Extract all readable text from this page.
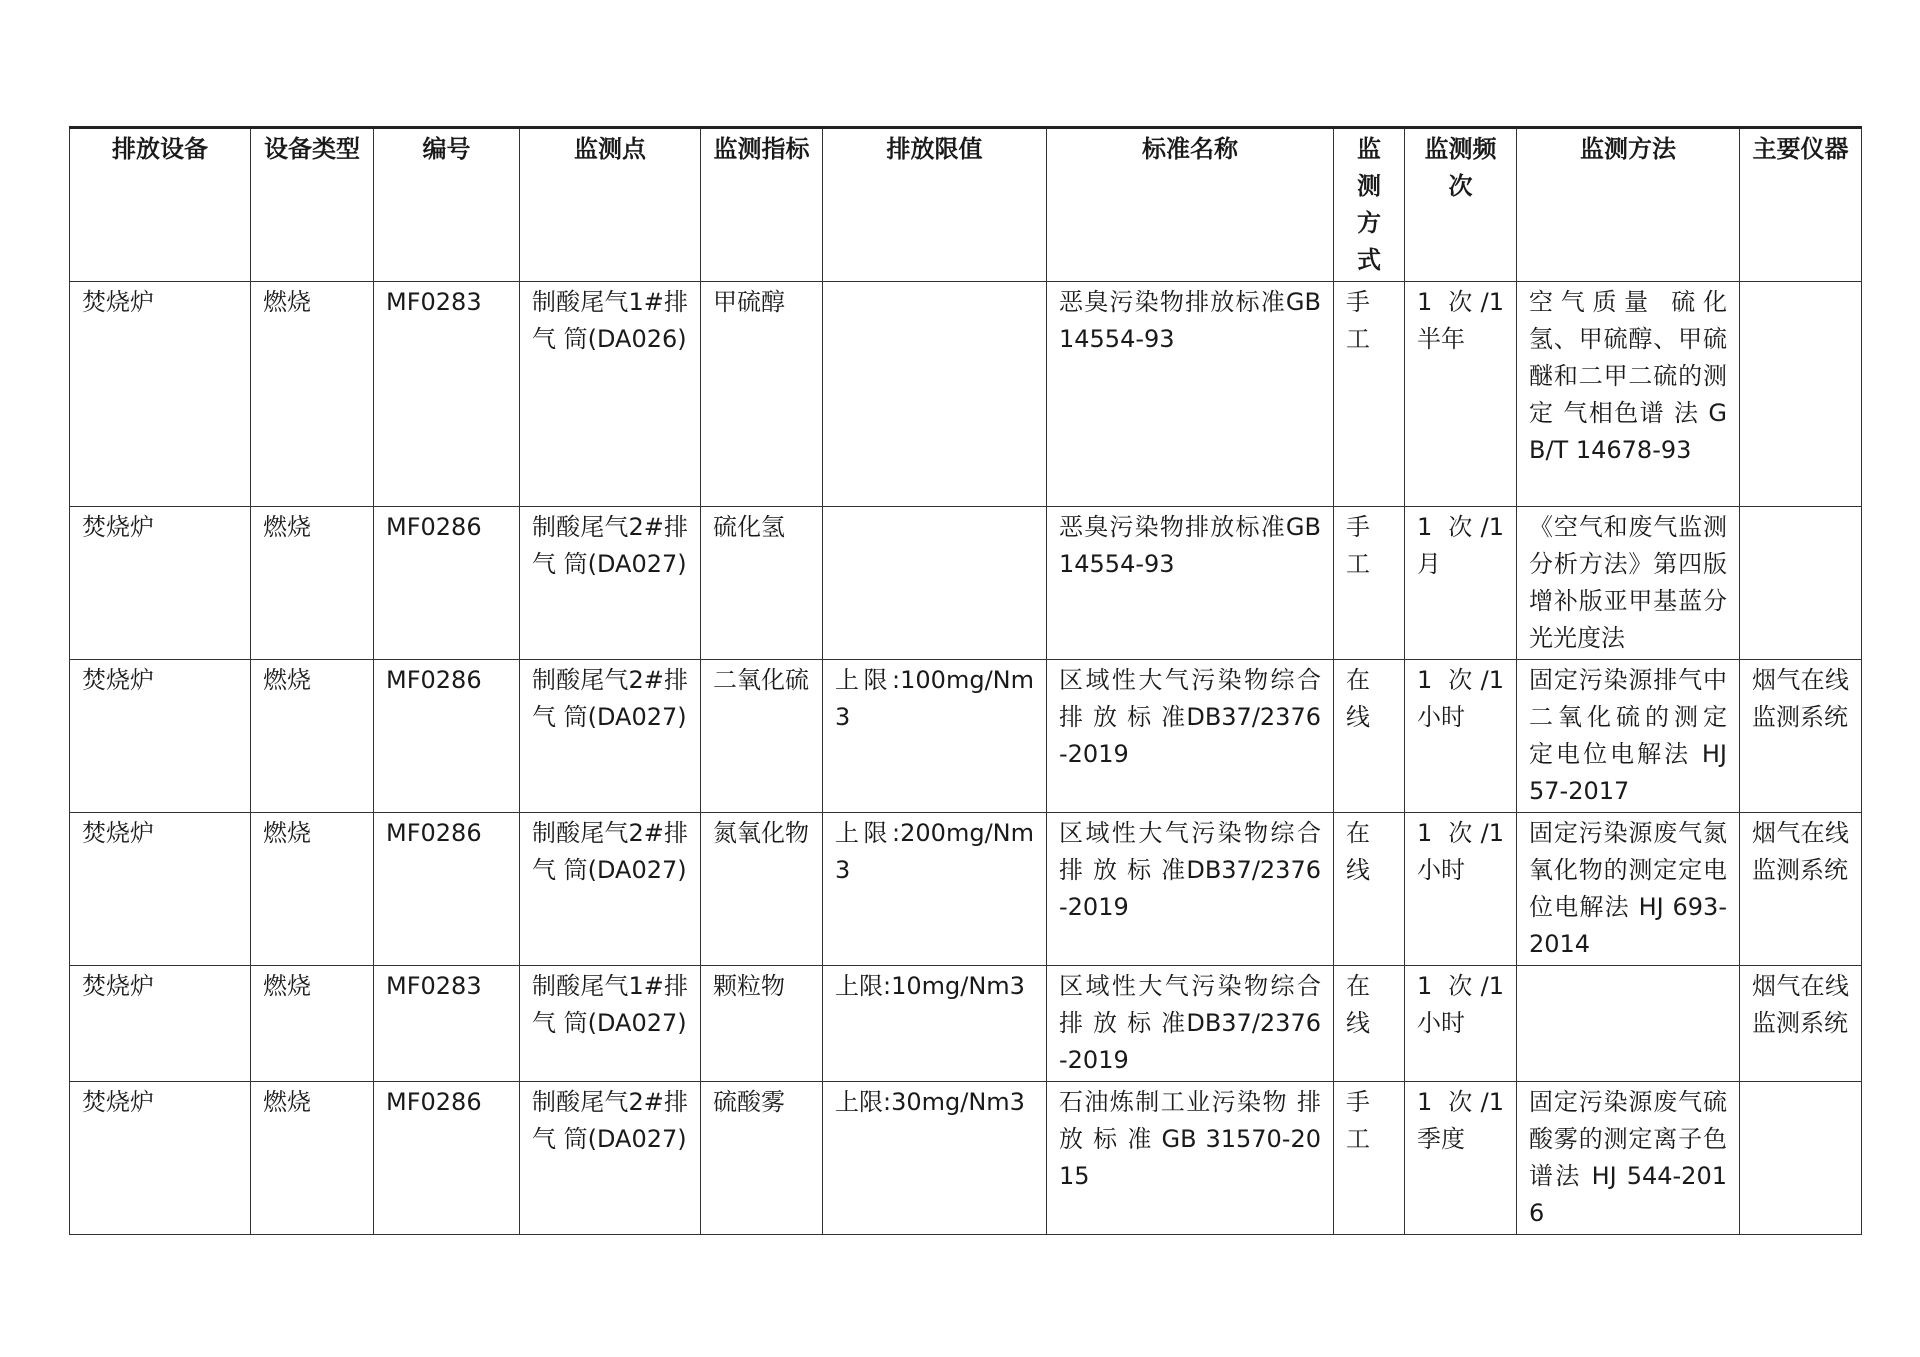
排放设备	设备类型	编号	监测点	监测指标	排放限值	标准名称	监测方式	监测频次	监测方法	主要仪器
焚烧炉	燃烧	MF0283	制酸尾气1#排 气 筒(DA026)	甲硫醇		恶臭污染物排放标准GB 14554-93	手工	1 次/1半年	空气质量 硫化氢、甲硫醇、甲硫醚和二甲二硫的测定 气相色谱 法 GB/T 14678-93	
焚烧炉	燃烧	MF0286	制酸尾气2#排 气 筒(DA027)	硫化氢		恶臭污染物排放标准GB 14554-93	手工	1 次/1月	《空气和废气监测分析方法》第四版增补版亚甲基蓝分光光度法	
焚烧炉	燃烧	MF0286	制酸尾气2#排 气 筒(DA027)	二氧化硫	上限:100mg/Nm3	区域性大气污染物综合 排 放 标 准DB37/2376-2019	在线	1 次/1小时	固定污染源排气中二氧化硫的测定 定电位电解法 HJ 57-2017	烟气在线监测系统
焚烧炉	燃烧	MF0286	制酸尾气2#排 气 筒(DA027)	氮氧化物	上限:200mg/Nm3	区域性大气污染物综合 排 放 标 准DB37/2376-2019	在线	1 次/1小时	固定污染源废气氮氧化物的测定定电位电解法 HJ 693-2014	烟气在线监测系统
焚烧炉	燃烧	MF0283	制酸尾气1#排 气 筒(DA027)	颗粒物	上限:10mg/Nm3	区域性大气污染物综合 排 放 标 准DB37/2376-2019	在线	1 次/1小时		烟气在线监测系统
焚烧炉	燃烧	MF0286	制酸尾气2#排 气 筒(DA027)	硫酸雾	上限:30mg/Nm3	石油炼制工业污染物 排 放 标 准 GB 31570-2015	手工	1 次/1季度	固定污染源废气硫酸雾的测定离子色谱法 HJ 544-2016	
